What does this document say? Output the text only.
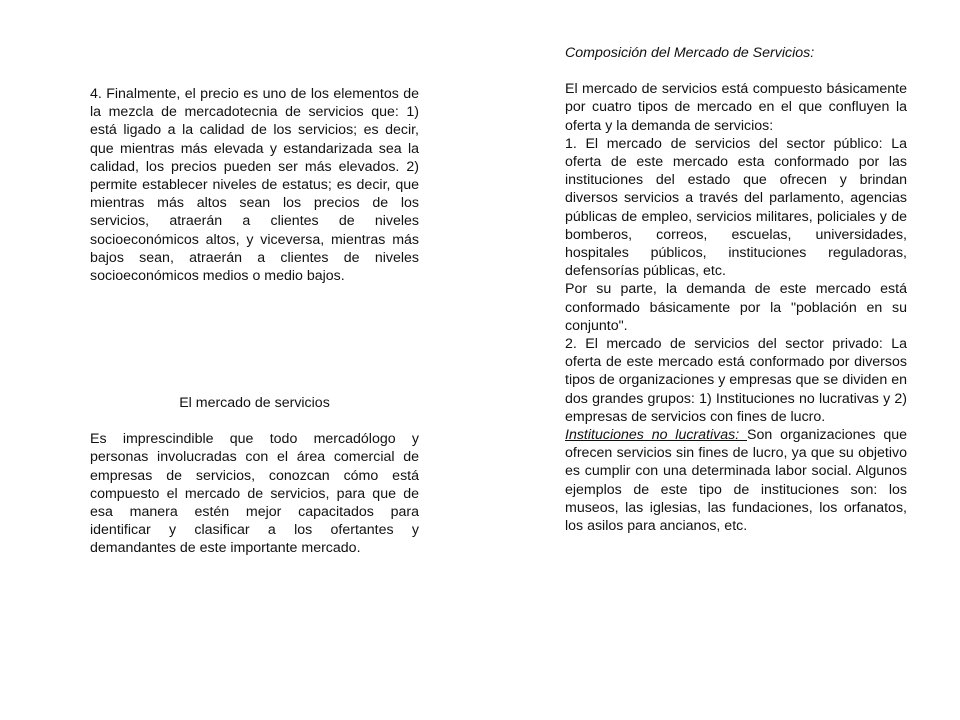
4. Finalmente, el precio es uno de los elementos de la mezcla de mercadotecnia de servicios que: 1) está ligado a la calidad de los servicios; es decir, que mientras más elevada y estandarizada sea la calidad, los precios pueden ser más elevados. 2) permite establecer niveles de estatus; es decir, que mientras más altos sean los precios de los servicios, atraerán a clientes de niveles socioeconómicos altos, y viceversa, mientras más bajos sean, atraerán a clientes de niveles socioeconómicos medios o medio bajos.

El mercado de servicios

Es imprescindible que todo mercadólogo y personas involucradas con el área comercial de empresas de servicios, conozcan cómo está compuesto el mercado de servicios, para que de esa manera estén mejor capacitados para identificar y clasificar a los ofertantes y demandantes de este importante mercado.

Composición del Mercado de Servicios:

El mercado de servicios está compuesto básicamente por cuatro tipos de mercado en el que confluyen la oferta y la demanda de servicios:

1. El mercado de servicios del sector público: La oferta de este mercado esta conformado por las instituciones del estado que ofrecen y brindan diversos servicios a través del parlamento, agencias públicas de empleo, servicios militares, policiales y de bomberos, correos, escuelas, universidades, hospitales públicos, instituciones reguladoras, defensorías públicas, etc.

Por su parte, la demanda de este mercado está conformado básicamente por la "población en su conjunto".

2. El mercado de servicios del sector privado: La oferta de este mercado está conformado por diversos tipos de organizaciones y empresas que se dividen en dos grandes grupos: 1) Instituciones no lucrativas y 2) empresas de servicios con fines de lucro.

Instituciones no lucrativas: Son organizaciones que ofrecen servicios sin fines de lucro, ya que su objetivo es cumplir con una determinada labor social. Algunos ejemplos de este tipo de instituciones son: los museos, las iglesias, las fundaciones, los orfanatos, los asilos para ancianos, etc.
